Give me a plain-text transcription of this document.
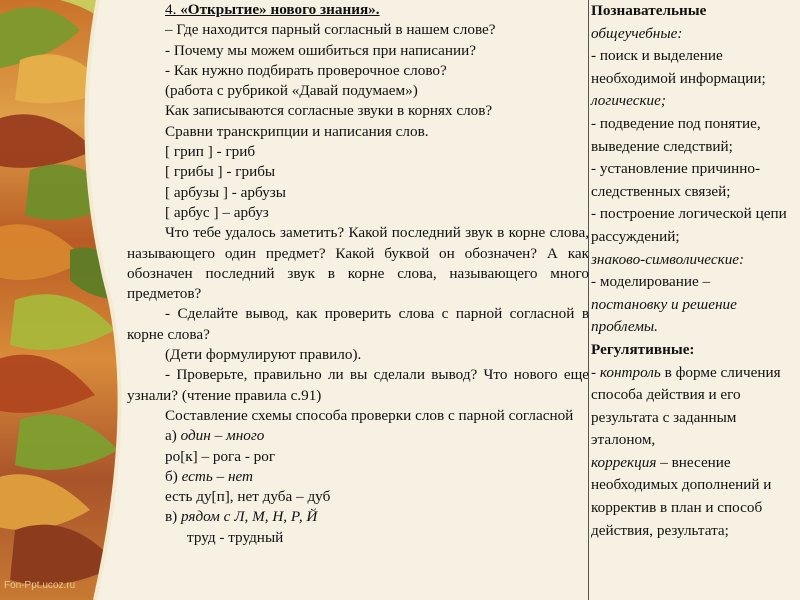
Fon-Ppt.ucoz.ru

4. «Открытие» нового знания».

– Где находится парный согласный в нашем слове?

- Почему мы можем ошибиться при написании?

- Как нужно подбирать проверочное слово?

(работа с рубрикой «Давай подумаем»)

Как записываются согласные звуки в корнях слов?

Сравни транскрипции и написания слов.

[ грип ] - гриб

[ грибы ] - грибы

[ арбузы ] - арбузы

[ арбус ] – арбуз

Что тебе удалось заметить? Какой последний звук в корне слова, называющего один предмет? Какой буквой он обозначен? А как обозначен последний звук в корне слова, называющего много предметов?

- Сделайте вывод, как проверить слова с парной согласной в корне слова?

(Дети формулируют правило).

- Проверьте, правильно ли вы сделали вывод? Что нового еще узнали? (чтение правила с.91)

Составление схемы способа проверки слов с парной согласной

а) один – много

ро[к] – рога - рог

б) есть – нет

есть ду[п], нет дуба – дуб

в) рядом с Л, М, Н, Р, Й

труд - трудный

Познавательные

общеучебные:

- поиск и выделение необходимой информации;

логические;

- подведение под понятие, выведение следствий;

- установление причинно-следственных связей;

- построение логической цепи рассуждений;

знаково-символические:

- моделирование –

постановку и решение проблемы.

Регулятивные:

- контроль в форме сличения способа действия и его результата с заданным эталоном,

коррекция – внесение необходимых дополнений и корректив в план и способ действия, результата;
